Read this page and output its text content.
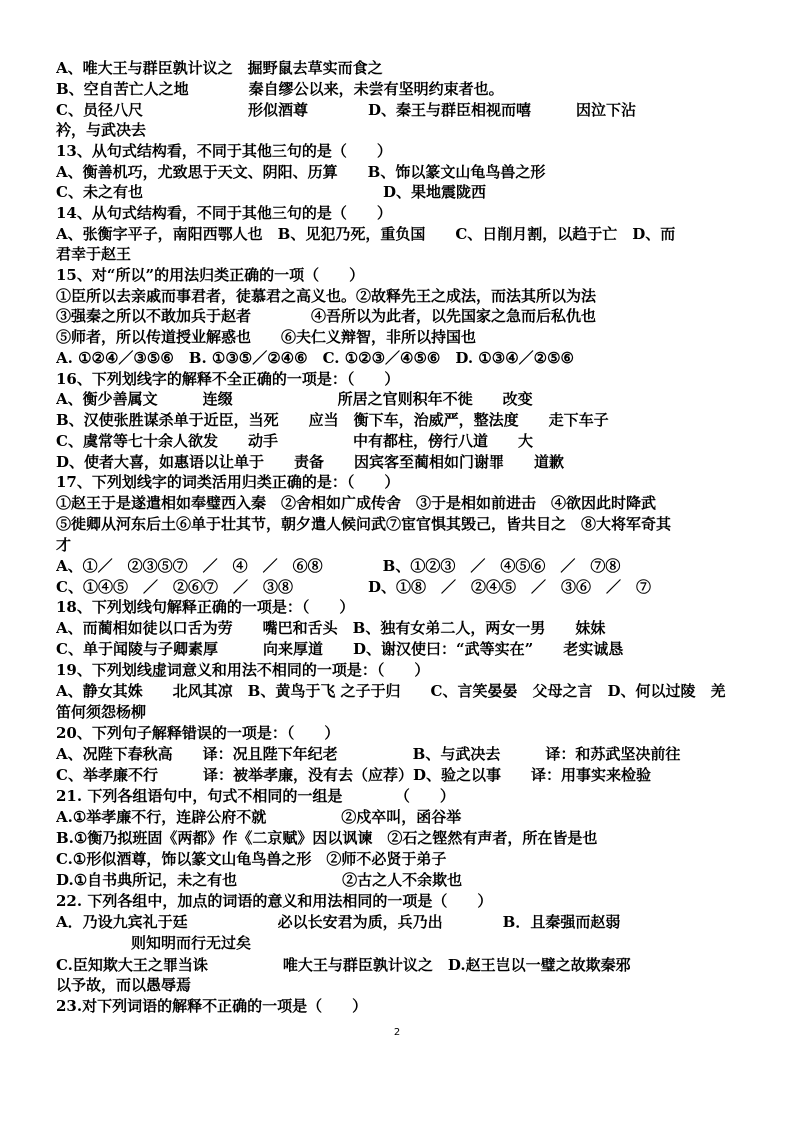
A、唯大王与群臣孰计议之　掘野鼠去草实而食之
B、空自苦亡人之地　　　　秦自缪公以来，未尝有坚明约束者也。
C、员径八尺　　　　　　　形似酒尊　　　　D、秦王与群臣相视而嘻　　　因泣下沾
衿，与武决去
13、从句式结构看，不同于其他三句的是（　　）
A、衡善机巧，尤致思于天文、阴阳、历算　　B、饰以篆文山龟鸟兽之形
C、未之有也　　　　　　　　　　　　　　　　D、果地震陇西
14、从句式结构看，不同于其他三句的是（　　）
A、张衡字平子，南阳西鄂人也　B、见犯乃死，重负国　　C、日削月割，以趋于亡　D、而
君幸于赵王
15、对“所以”的用法归类正确的一项（　　）
①臣所以去亲戚而事君者，徒慕君之高义也。②故释先王之成法，而法其所以为法
③强秦之所以不敢加兵于赵者　　　　④吾所以为此者，以先国家之急而后私仇也
⑤师者，所以传道授业解惑也　　⑥夫仁义辩智，非所以持国也
A. ①②④／③⑤⑥　B. ①③⑤／②④⑥　C. ①②③／④⑤⑥　D. ①③④／②⑤⑥
16、下列划线字的解释不全正确的一项是：（　　）
A、衡少善属文　　　连缀　　　　　　　所居之官则积年不徙　　改变
B、汉使张胜谋杀单于近臣，当死　　应当　衡下车，治威严，整法度　　走下车子
C、虞常等七十余人欲发　　动手　　　　　中有都柱，傍行八道　　大
D、使者大喜，如惠语以让单于　　责备　　因宾客至蔺相如门谢罪　　道歉
17、下列划线字的词类活用归类正确的是：（　　）
①赵王于是遂遣相如奉璧西入秦　②舍相如广成传舍　③于是相如前进击　④欲因此时降武
⑤徙卿从河东后土⑥单于壮其节，朝夕遣人候问武⑦宦官惧其毁己，皆共目之　⑧大将军奇其
才
A、①／　②③⑤⑦　／　④　／　⑥⑧　　　　B、①②③　／　④⑤⑥　／　⑦⑧
C、①④⑤　／　②⑥⑦　／　③⑧　　　　　D、①⑧　／　②④⑤　／　③⑥　／　⑦
18、下列划线句解释正确的一项是：（　　）
A、而蔺相如徒以口舌为劳　　嘴巴和舌头　B、独有女弟二人，两女一男　　妹妹
C、单于闻陵与子卿素厚　　　向来厚道　　D、谢汉使曰：“武等实在”　　老实诚恳
19、下列划线虚词意义和用法不相同的一项是：（　　）
A、静女其姝　　北风其凉　B、黄鸟于飞 之子于归　　C、言笑晏晏　父母之言　D、何以过陵　羌
笛何须怨杨柳
20、下列句子解释错误的一项是：（　　）
A、况陛下春秋高　　译：况且陛下年纪老　　　　　B、与武决去　　　译：和苏武坚决前往
C、举孝廉不行　　　译：被举孝廉，没有去（应荐）D、验之以事　　译：用事实来检验
21. 下列各组语句中，句式不相同的一组是　　　　（　　）
A.①举孝廉不行，连辟公府不就　　　　　②戍卒叫，函谷举
B.①衡乃拟班固《两都》作《二京赋》因以讽谏　②石之铿然有声者，所在皆是也
C.①形似酒尊，饰以篆文山龟鸟兽之形　②师不必贤于弟子
D.①自书典所记，未之有也　　　　　　　②古之人不余欺也
22. 下列各组中，加点的词语的意义和用法相同的一项是（　　）
A．乃设九宾礼于廷　　　　　　必以长安君为质，兵乃出　　　　B．且秦强而赵弱
　　　　　则知明而行无过矣
C.臣知欺大王之罪当诛　　　　　唯大王与群臣孰计议之　D.赵王岂以一璧之故欺秦邪
以予故，而以愚辱焉
23.对下列词语的解释不正确的一项是（　　）
2
